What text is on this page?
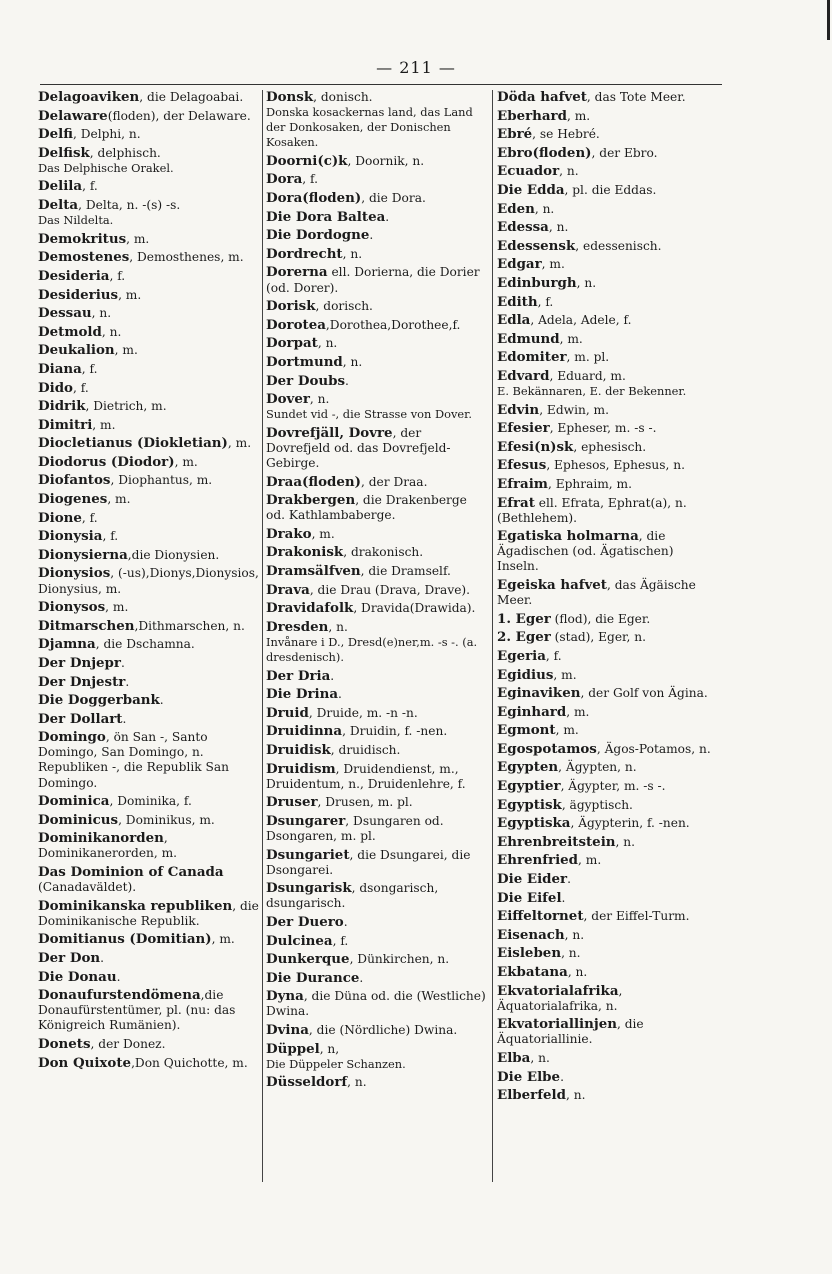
— 211 —
Delagoaviken, die Delagoabai.
Delaware(floden), der Delaware.
Delfi, Delphi, n.
Delfisk, delphisch.
Das Delphische Orakel.
Delila, f.
Delta, Delta, n. -(s) -s.
Das Nildelta.
Demokritus, m.
Demostenes, Demosthenes, m.
Desideria, f.
Desiderius, m.
Dessau, n.
Detmold, n.
Deukalion, m.
Diana, f.
Dido, f.
Didrik, Dietrich, m.
Dimitri, m.
Diocletianus (Diokletian), m.
Diodorus (Diodor), m.
Diofantos, Diophantus, m.
Diogenes, m.
Dione, f.
Dionysia, f.
Dionysierna,die Dionysien.
Dionysios, (-us),Dionys,Dionysios, Dionysius, m.
Dionysos, m.
Ditmarschen,Dithmarschen, n.
Djamna, die Dschamna.
Der Dnjepr.
Der Dnjestr.
Die Doggerbank.
Der Dollart.
Domingo, ön San -, Santo Domingo, San Domingo, n. Republiken -, die Republik San Domingo.
Dominica, Dominika, f.
Dominicus, Dominikus, m.
Dominikanorden, Dominikanerorden, m.
Das Dominion of Canada (Canadaväldet).
Dominikanska republiken, die Dominikanische Republik.
Domitianus (Domitian), m.
Der Don.
Die Donau.
Donaufurstendömena,die Donaufürstentümer, pl. (nu: das Königreich Rumänien).
Donets, der Donez.
Don Quixote,Don Quichotte, m.
Donsk, donisch.
Donska kosackernas land, das Land der Donkosaken, der Donischen Kosaken.
Doorni(c)k, Doornik, n.
Dora, f.
Dora(floden), die Dora.
Die Dora Baltea.
Die Dordogne.
Dordrecht, n.
Dorerna ell. Dorierna, die Dorier (od. Dorer).
Dorisk, dorisch.
Dorotea,Dorothea,Dorothee,f.
Dorpat, n.
Dortmund, n.
Der Doubs.
Dover, n.
Sundet vid -, die Strasse von Dover.
Dovrefjäll, Dovre, der Dovrefjeld od. das Dovrefjeld-Gebirge.
Draa(floden), der Draa.
Drakbergen, die Drakenberge od. Kathlambaberge.
Drako, m.
Drakonisk, drakonisch.
Dramsälfven, die Dramself.
Drava, die Drau (Drava, Drave).
Dravidafolk, Dravida(Drawida).
Dresden, n.
Invånare i D., Dresd(e)ner,m. -s -. (a. dresdenisch).
Der Dria.
Die Drina.
Druid, Druide, m. -n -n.
Druidinna, Druidin, f. -nen.
Druidisk, druidisch.
Druidism, Druidendienst, m., Druidentum, n., Druidenlehre, f.
Druser, Drusen, m. pl.
Dsungarer, Dsungaren od. Dsongaren, m. pl.
Dsungariet, die Dsungarei, die Dsongarei.
Dsungarisk, dsongarisch, dsungarisch.
Der Duero.
Dulcinea, f.
Dunkerque, Dünkirchen, n.
Die Durance.
Dyna, die Düna od. die (Westliche) Dwina.
Dvina, die (Nördliche) Dwina.
Düppel, n,
Die Düppeler Schanzen.
Düsseldorf, n.
Döda hafvet, das Tote Meer.
Eberhard, m.
Ebré, se Hebré.
Ebro(floden), der Ebro.
Ecuador, n.
Die Edda, pl. die Eddas.
Eden, n.
Edessa, n.
Edessensk, edessenisch.
Edgar, m.
Edinburgh, n.
Edith, f.
Edla, Adela, Adele, f.
Edmund, m.
Edomiter, m. pl.
Edvard, Eduard, m.
E. Bekännaren, E. der Bekenner.
Edvin, Edwin, m.
Efesier, Epheser, m. -s -.
Efesi(n)sk, ephesisch.
Efesus, Ephesos, Ephesus, n.
Efraim, Ephraim, m.
Efrat ell. Efrata, Ephrat(a), n. (Bethlehem).
Egatiska holmarna, die Ägadischen (od. Ägatischen) Inseln.
Egeiska hafvet, das Ägäische Meer.
1. Eger (flod), die Eger.
2. Eger (stad), Eger, n.
Egeria, f.
Egidius, m.
Eginaviken, der Golf von Ägina.
Eginhard, m.
Egmont, m.
Egospotamos, Ägos-Potamos, n.
Egypten, Ägypten, n.
Egyptier, Ägypter, m. -s -.
Egyptisk, ägyptisch.
Egyptiska, Ägypterin, f. -nen.
Ehrenbreitstein, n.
Ehrenfried, m.
Die Eider.
Die Eifel.
Eiffeltornet, der Eiffel-Turm.
Eisenach, n.
Eisleben, n.
Ekbatana, n.
Ekvatorialafrika, Äquatorialafrika, n.
Ekvatoriallinjen, die Äquatoriallinie.
Elba, n.
Die Elbe.
Elberfeld, n.
